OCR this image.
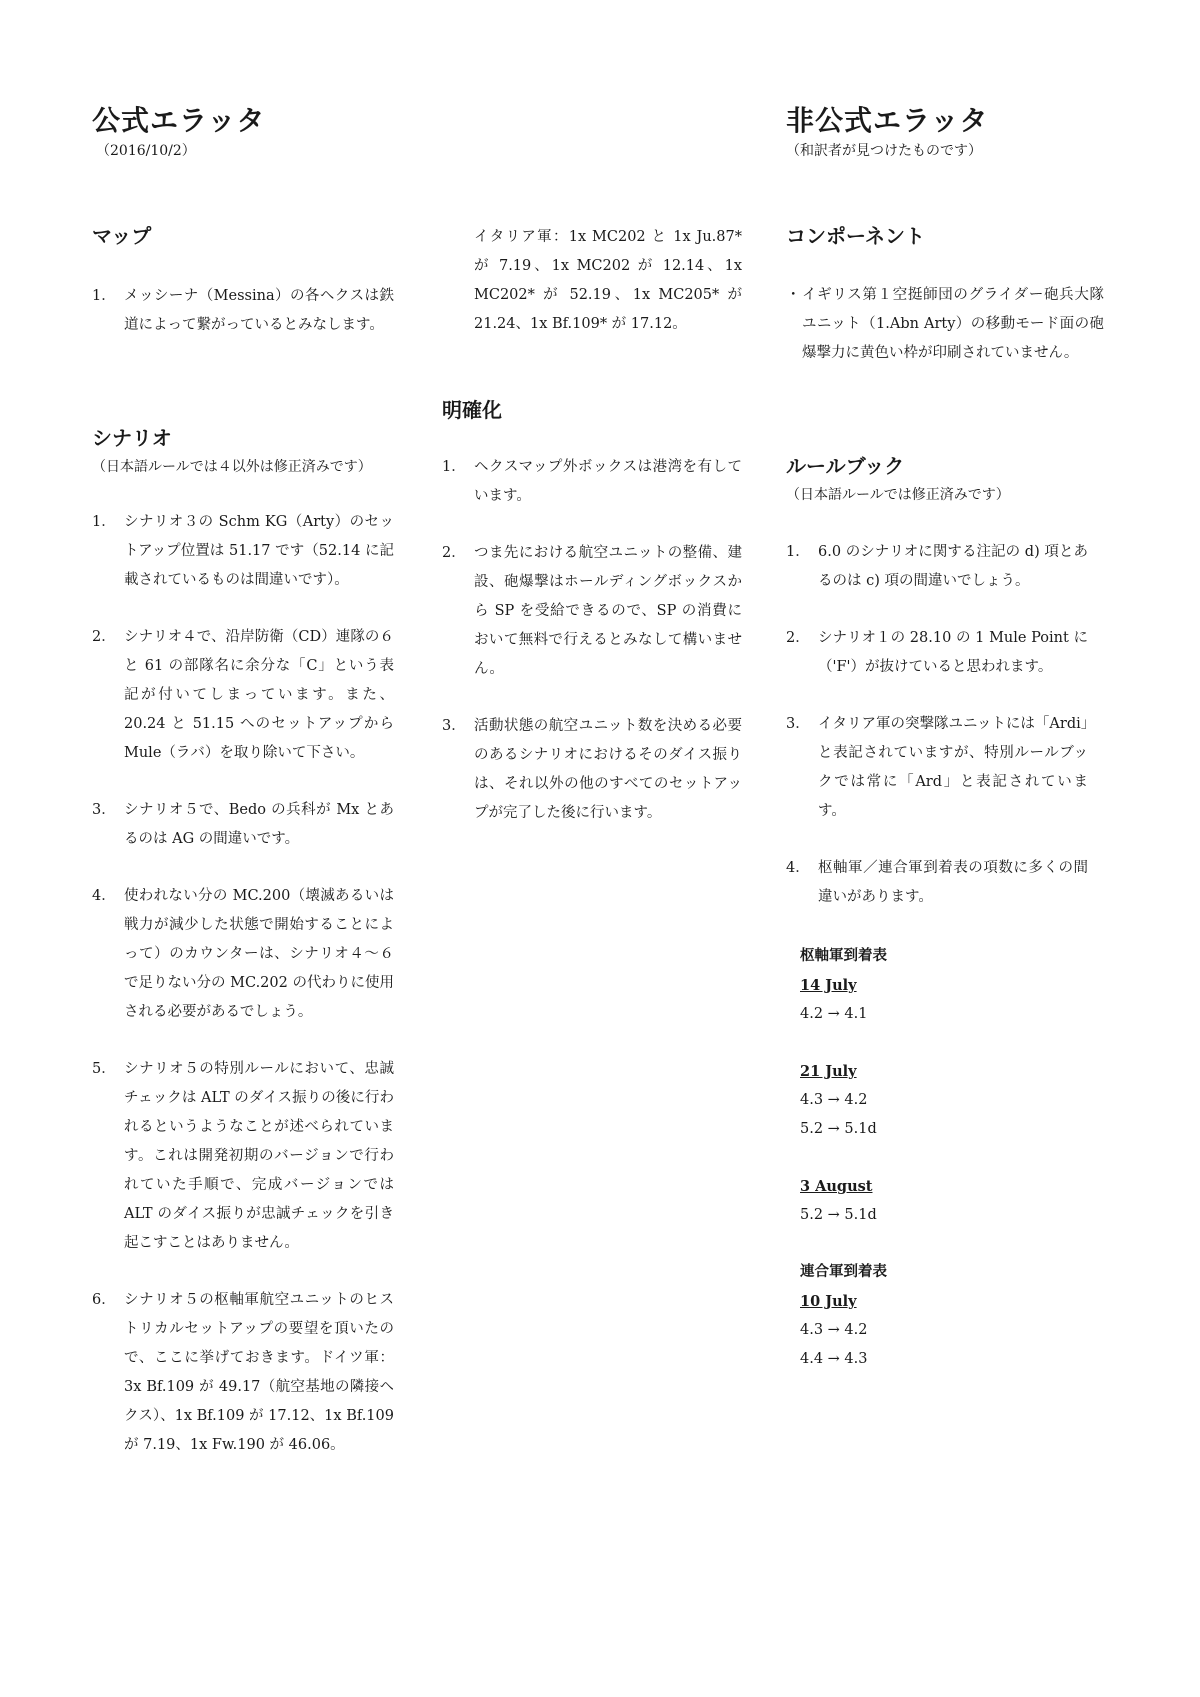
公式エラッタ
（2016/10/2）
非公式エラッタ
（和訳者が見つけたものです）
マップ
1． メッシーナ（Messina）の各ヘクスは鉄道によって繋がっているとみなします。
シナリオ
（日本語ルールでは４以外は修正済みです）
1． シナリオ３の Schm KG（Arty）のセットアップ位置は 51.17 です（52.14 に記載されているものは間違いです）。
2． シナリオ４で、沿岸防衛（CD）連隊の６と 61 の部隊名に余分な「C」という表記が付いてしまっています。また、20.24 と 51.15 へのセットアップから Mule（ラバ）を取り除いて下さい。
3． シナリオ５で、Bedo の兵科が Mx とあるのは AG の間違いです。
4． 使われない分の MC.200（壊滅あるいは戦力が減少した状態で開始することによって）のカウンターは、シナリオ４～６で足りない分の MC.202 の代わりに使用される必要があるでしょう。
5． シナリオ５の特別ルールにおいて、忠誠チェックは ALT のダイス振りの後に行われるというようなことが述べられています。これは開発初期のバージョンで行われていた手順で、完成バージョンでは ALT のダイス振りが忠誠チェックを引き起こすことはありません。
6． シナリオ５の枢軸軍航空ユニットのヒストリカルセットアップの要望を頂いたので、ここに挙げておきます。ドイツ軍：3x Bf.109 が 49.17（航空基地の隣接ヘクス）、1x Bf.109 が 17.12、1x Bf.109 が 7.19、1x Fw.190 が 46.06。

イタリア軍：1x MC202 と 1x Ju.87* が 7.19、1x MC202 が 12.14、1x MC202* が 52.19、1x MC205* が 21.24、1x Bf.109* が 17.12。

明確化
1． ヘクスマップ外ボックスは港湾を有しています。
2． つま先における航空ユニットの整備、建設、砲爆撃はホールディングボックスから SP を受給できるので、SP の消費において無料で行えるとみなして構いません。
3． 活動状態の航空ユニット数を決める必要のあるシナリオにおけるそのダイス振りは、それ以外の他のすべてのセットアップが完了した後に行います。
コンポーネント

・ イギリス第１空挺師団のグライダー砲兵大隊ユニット（1.Abn Arty）の移動モード面の砲爆撃力に黄色い枠が印刷されていません。

ルールブック
（日本語ルールでは修正済みです）
1． 6.0 のシナリオに関する注記の d) 項とあるのは c) 項の間違いでしょう。
2． シナリオ１の 28.10 の 1 Mule Point に（'F'）が抜けていると思われます。
3． イタリア軍の突撃隊ユニットには「Ardi」と表記されていますが、特別ルールブックでは常に「Ard」と表記されています。
4． 枢軸軍／連合軍到着表の項数に多くの間違いがあります。
枢軸軍到着表
14 July
4.2 → 4.1
21 July
4.3 → 4.2
5.2 → 5.1d
3 August
5.2 → 5.1d
連合軍到着表
10 July
4.3 → 4.2
4.4 → 4.3
